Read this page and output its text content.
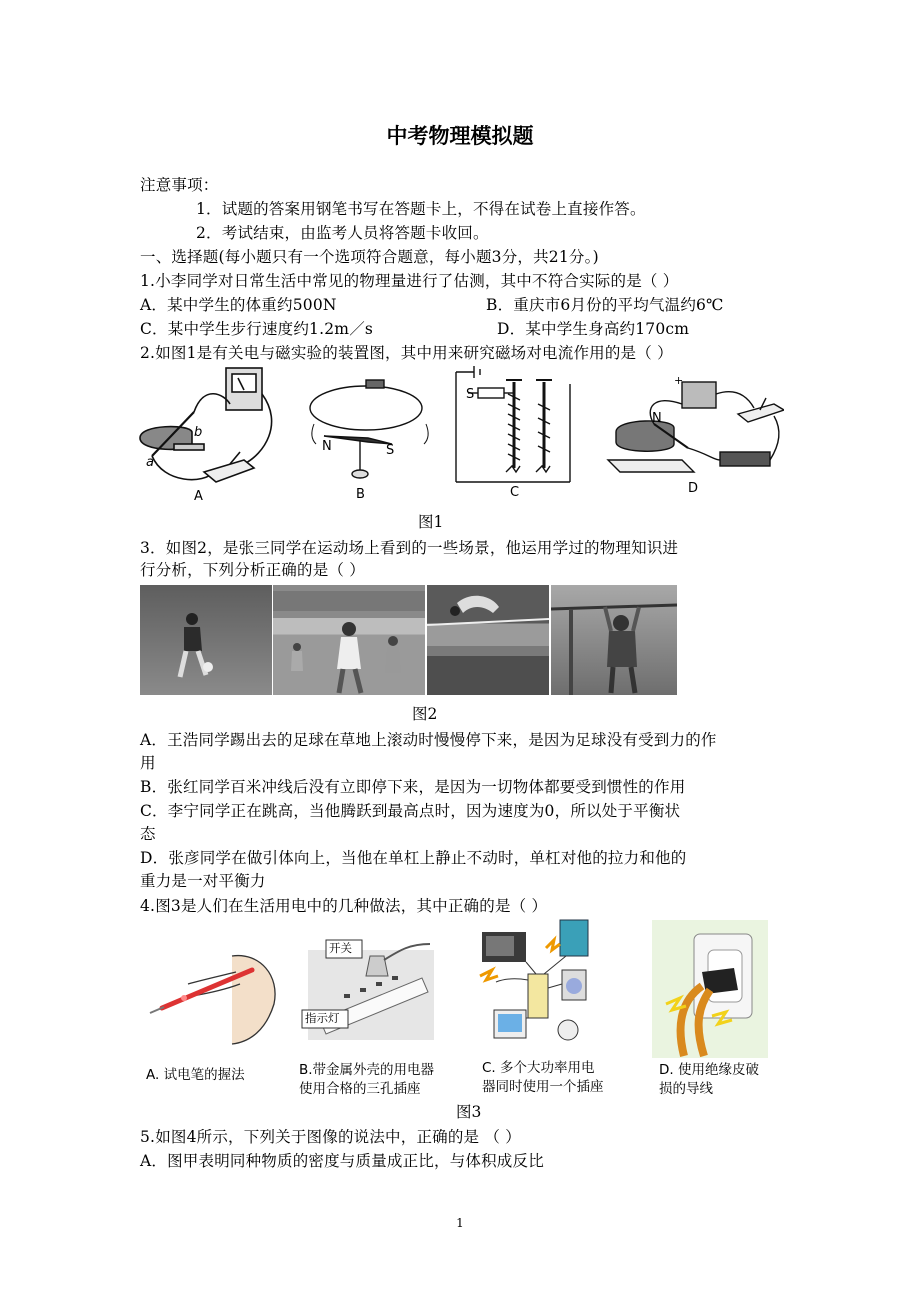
中考物理模拟题
注意事项：
1．试题的答案用钢笔书写在答题卡上，不得在试卷上直接作答。
2．考试结束，由监考人员将答题卡收回。
一、选择题(每小题只有一个选项符合题意，每小题3分，共21分。)
1.小李同学对日常生活中常见的物理量进行了估测，其中不符合实际的是（ ）
A．某中学生的体重约500N	B．重庆市6月份的平均气温约6℃
C．某中学生步行速度约1.2m／s	D．某中学生身高约170cm
2.如图1是有关电与磁实验的装置图，其中用来研究磁场对电流作用的是（ ）
a
b
A
N	S
B
S
C
+
N
D
图1
3．如图2，是张三同学在运动场上看到的一些场景，他运用学过的物理知识进
行分析，下列分析正确的是（ ）
图2
A．王浩同学踢出去的足球在草地上滚动时慢慢停下来，是因为足球没有受到力的作
用
B．张红同学百米冲线后没有立即停下来，是因为一切物体都要受到惯性的作用
C．李宁同学正在跳高，当他腾跃到最高点时，因为速度为0，所以处于平衡状
态
D．张彦同学在做引体向上，当他在单杠上静止不动时，单杠对他的拉力和他的
重力是一对平衡力
4.图3是人们在生活用电中的几种做法，其中正确的是（ ）
开关
指示灯
A. 试电笔的握法	B.带金属外壳的用电器
使用合格的三孔插座
C. 多个大功率用电
器同时使用一个插座
D. 使用绝缘皮破
损的导线
图3
5.如图4所示，下列关于图像的说法中，正确的是 （ ）
A．图甲表明同种物质的密度与质量成正比，与体积成反比
1
